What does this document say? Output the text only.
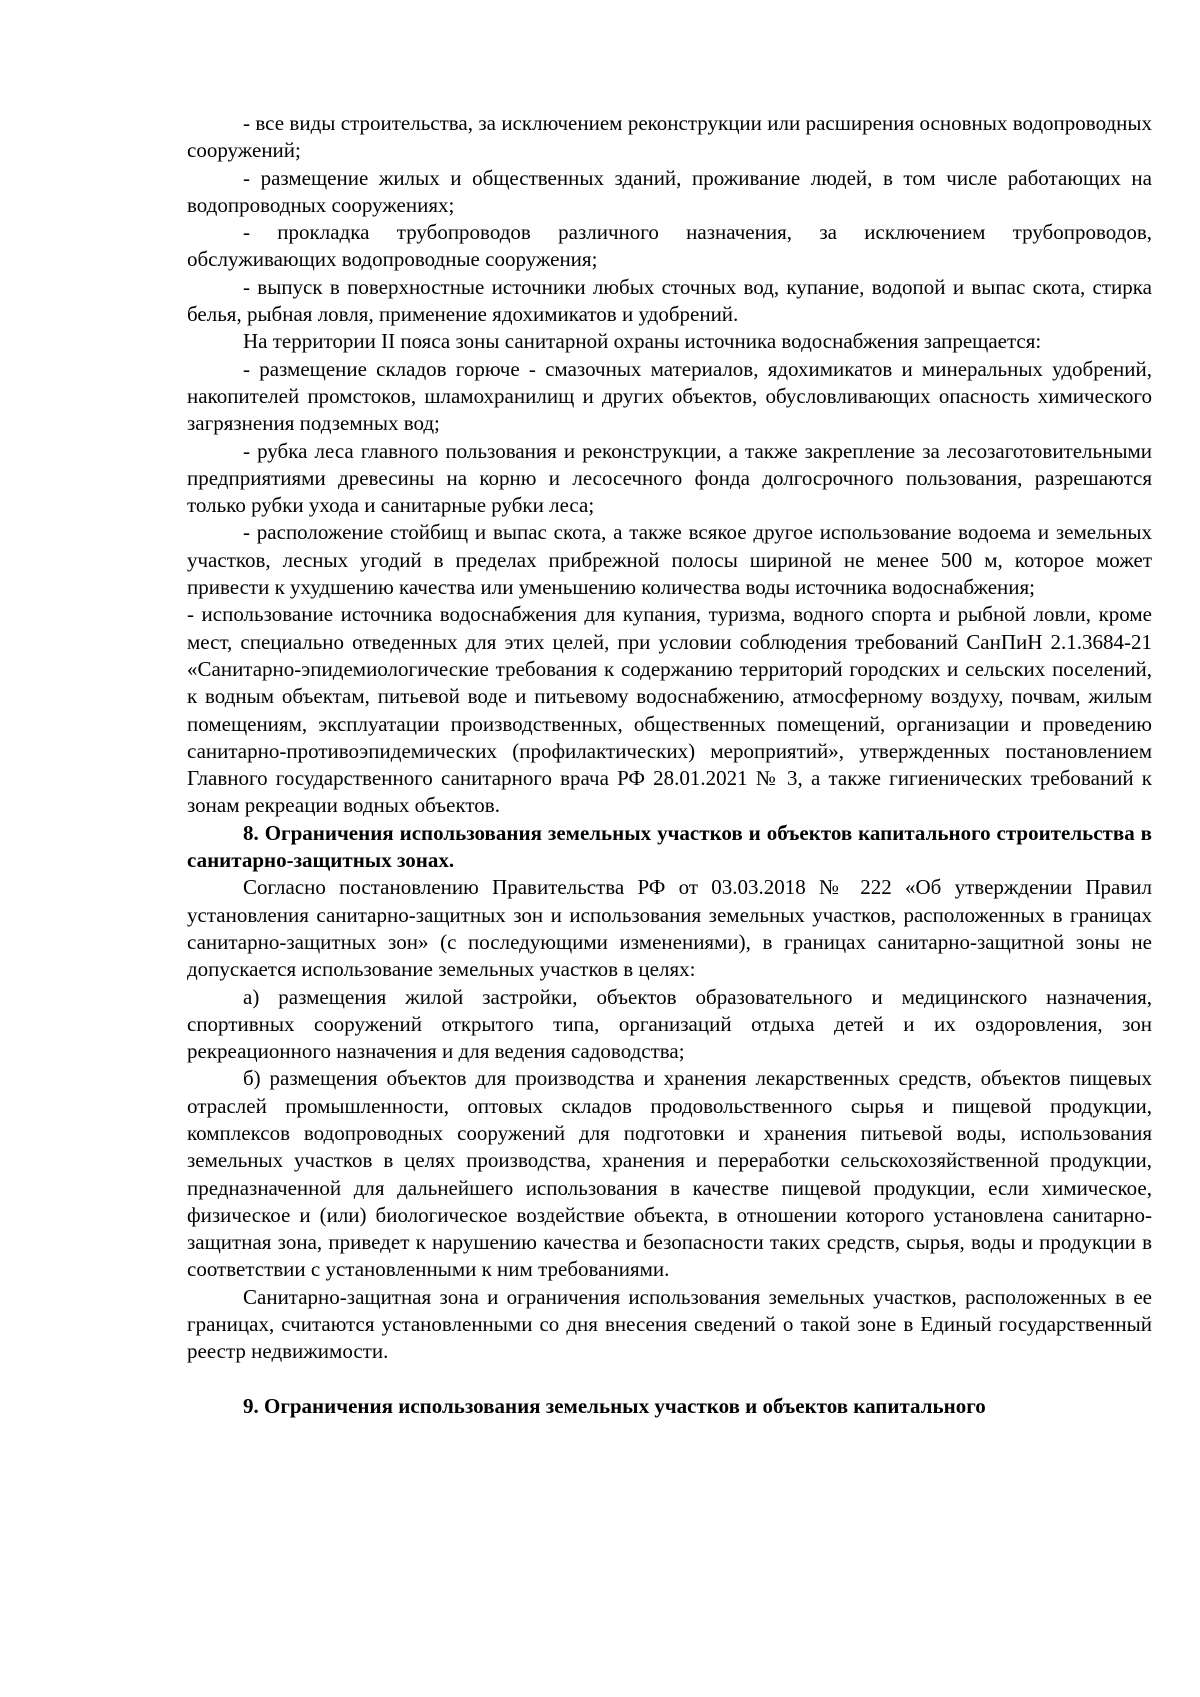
- все виды строительства, за исключением реконструкции или расширения основных водопроводных сооружений;

- размещение жилых и общественных зданий, проживание людей, в том числе работающих на водопроводных сооружениях;

- прокладка трубопроводов различного назначения, за исключением трубопроводов, обслуживающих водопроводные сооружения;

- выпуск в поверхностные источники любых сточных вод, купание, водопой и выпас скота, стирка белья, рыбная ловля, применение ядохимикатов и удобрений.

На территории II пояса зоны санитарной охраны источника водоснабжения запрещается:

- размещение складов горюче - смазочных материалов, ядохимикатов и минеральных удобрений, накопителей промстоков, шламохранилищ и других объектов, обусловливающих опасность химического загрязнения подземных вод;

- рубка леса главного пользования и реконструкции, а также закрепление за лесозаготовительными предприятиями древесины на корню и лесосечного фонда долгосрочного пользования, разрешаются только рубки ухода и санитарные рубки леса;

- расположение стойбищ и выпас скота, а также всякое другое использование водоема и земельных участков, лесных угодий в пределах прибрежной полосы шириной не менее 500 м, которое может привести к ухудшению качества или уменьшению количества воды источника водоснабжения;

- использование источника водоснабжения для купания, туризма, водного спорта и рыбной ловли, кроме мест, специально отведенных для этих целей, при условии соблюдения требований СанПиН 2.1.3684-21 «Санитарно-эпидемиологические требования к содержанию территорий городских и сельских поселений, к водным объектам, питьевой воде и питьевому водоснабжению, атмосферному воздуху, почвам, жилым помещениям, эксплуатации производственных, общественных помещений, организации и проведению санитарно-противоэпидемических (профилактических) мероприятий», утвержденных постановлением Главного государственного санитарного врача РФ 28.01.2021 № 3, а также гигиенических требований к зонам рекреации водных объектов.

8. Ограничения использования земельных участков и объектов капитального строительства в санитарно-защитных зонах.

Согласно постановлению Правительства РФ от 03.03.2018 № 222 «Об утверждении Правил установления санитарно-защитных зон и использования земельных участков, расположенных в границах санитарно-защитных зон» (с последующими изменениями), в границах санитарно-защитной зоны не допускается использование земельных участков в целях:

а) размещения жилой застройки, объектов образовательного и медицинского назначения, спортивных сооружений открытого типа, организаций отдыха детей и их оздоровления, зон рекреационного назначения и для ведения садоводства;

б) размещения объектов для производства и хранения лекарственных средств, объектов пищевых отраслей промышленности, оптовых складов продовольственного сырья и пищевой продукции, комплексов водопроводных сооружений для подготовки и хранения питьевой воды, использования земельных участков в целях производства, хранения и переработки сельскохозяйственной продукции, предназначенной для дальнейшего использования в качестве пищевой продукции, если химическое, физическое и (или) биологическое воздействие объекта, в отношении которого установлена санитарно-защитная зона, приведет к нарушению качества и безопасности таких средств, сырья, воды и продукции в соответствии с установленными к ним требованиями.

Санитарно-защитная зона и ограничения использования земельных участков, расположенных в ее границах, считаются установленными со дня внесения сведений о такой зоне в Единый государственный реестр недвижимости.

9. Ограничения использования земельных участков и объектов капитального
